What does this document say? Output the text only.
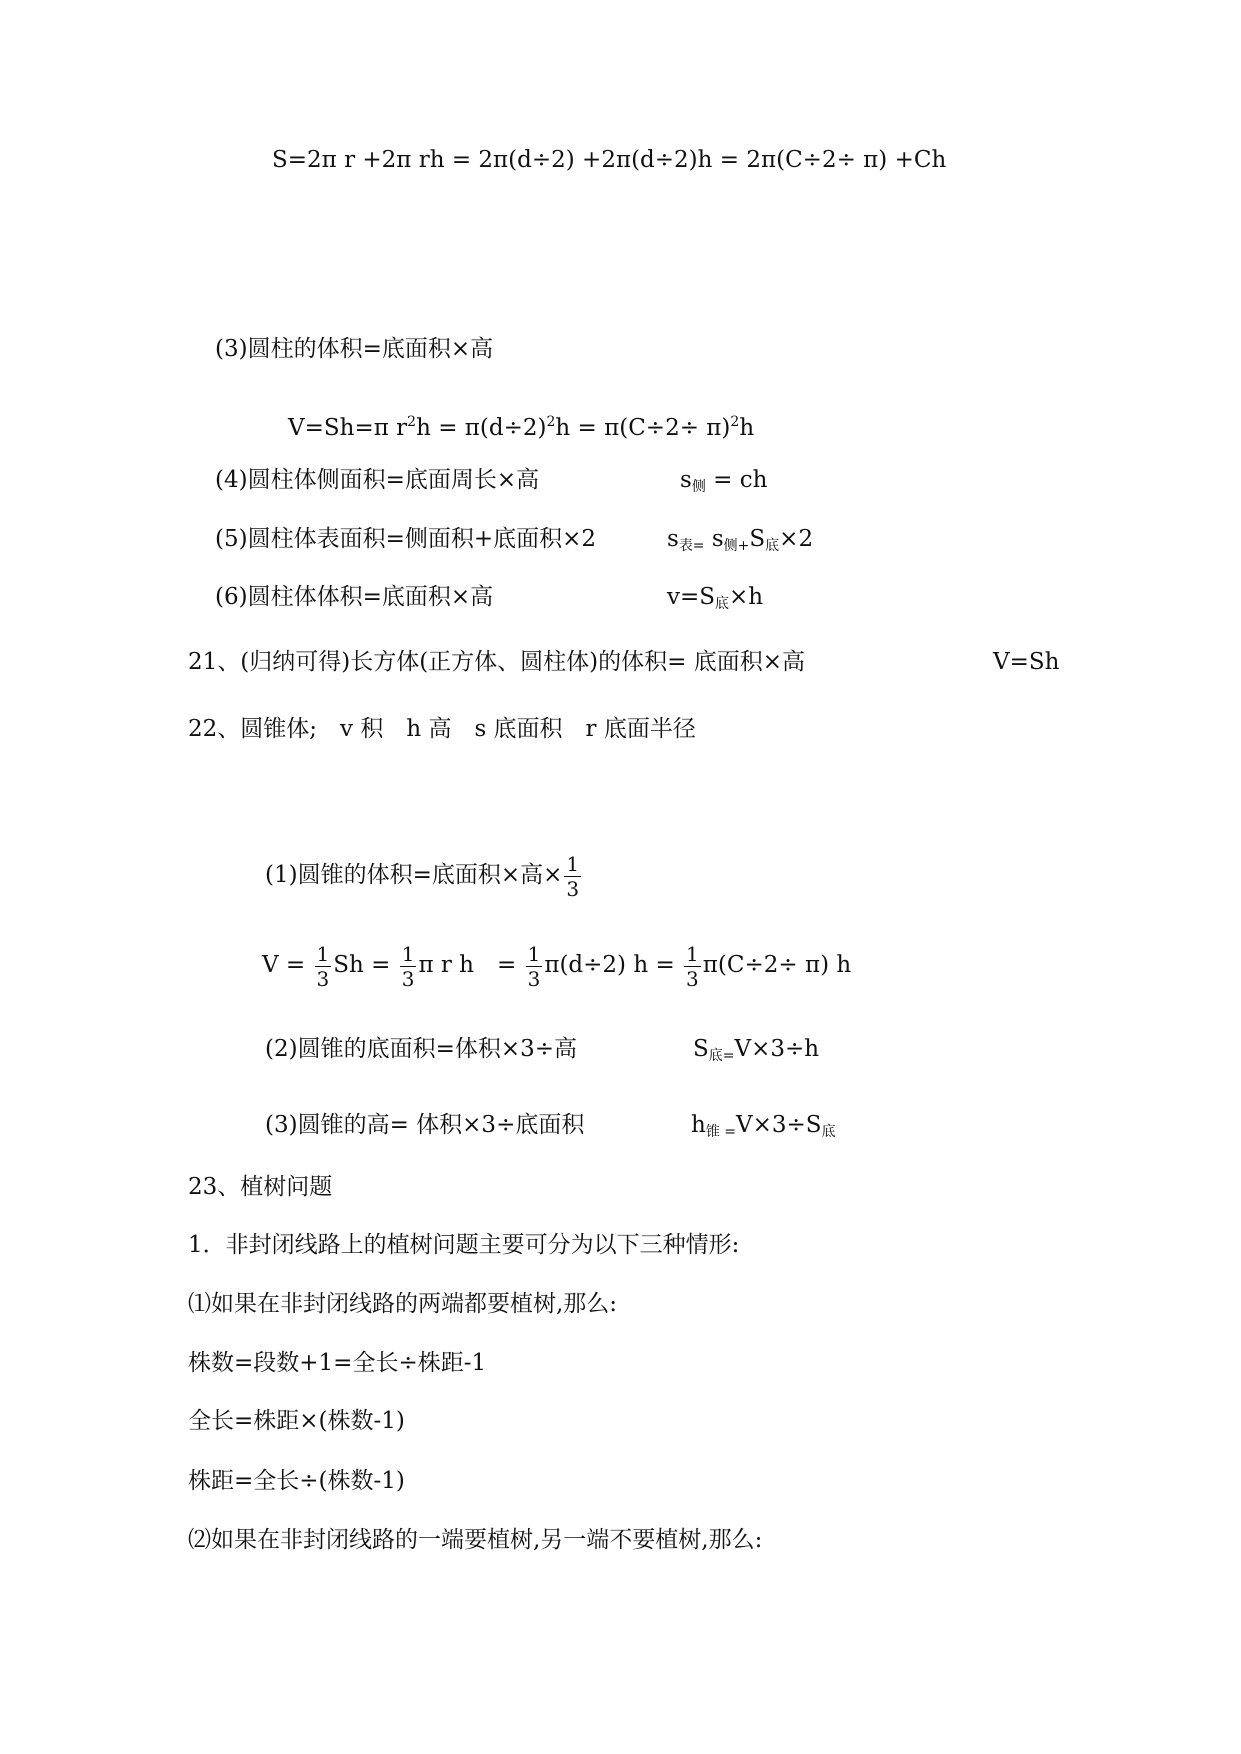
S=2π r +2π rh = 2π(d÷2) +2π(d÷2)h = 2π(C÷2÷ π) +Ch
(3)圆柱的体积=底面积×高
V=Sh=π $r^2h = \pi(d\div 2)^2h = \pi(C\div 2\div \pi)^2h$
(4)圆柱体侧面积=底面周长×高	$s_侧$ = ch
(5)圆柱体表面积=侧面积+底面积×2	$s_{表=}$ $s_{侧+}S_底\times 2$
(6)圆柱体体积=底面积×高	$v=S_底\times h$
21、(归纳可得)长方体(正方体、圆柱体)的体积= 底面积×高	V=Sh
22、圆锥体;　v 积　h 高　s 底面积　r 底面半径
(1)圆锥的体积=底面积×高× $\frac{1}{3}$
$V = \frac{1}{3}$ $Sh = \frac{1}{3}$ π r h　= $\frac{1}{3} \pi(d\div 2) h = \frac{1}{3} \pi(C\div 2\div \pi)$ h
(2)圆锥的底面积=体积×3÷高	$S_{底=}V\times 3\div h$
(3)圆锥的高= 体积×3÷底面积	$h_锥$ $_=V\times 3\div S_底$
23、植树问题
1．非封闭线路上的植树问题主要可分为以下三种情形:
⑴如果在非封闭线路的两端都要植树,那么:
株数=段数+1=全长÷株距-1
全长=株距×(株数-1)
株距=全长÷(株数-1)
⑵如果在非封闭线路的一端要植树,另一端不要植树,那么:
